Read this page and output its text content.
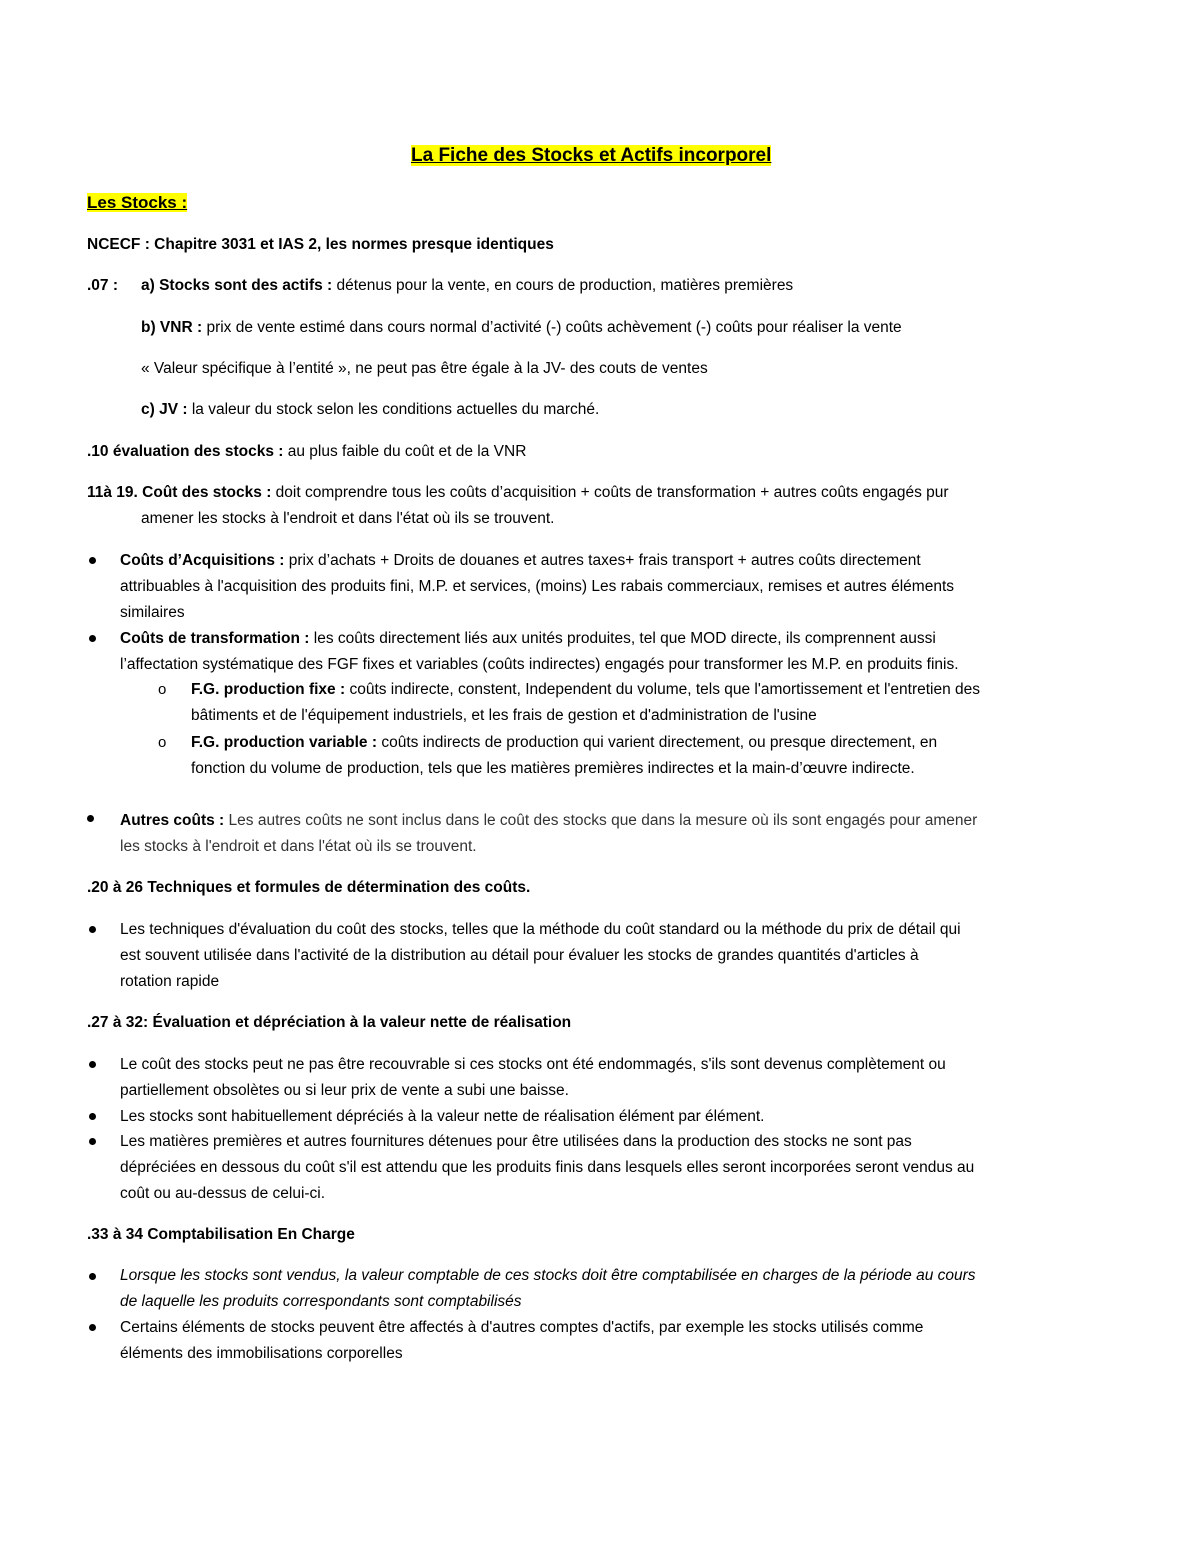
La Fiche des Stocks et Actifs incorporel
Les Stocks :
NCECF : Chapitre 3031 et IAS 2, les normes presque identiques
.07 : a) Stocks sont des actifs : détenus pour la vente, en cours de production, matières premières
b) VNR : prix de vente estimé dans cours normal d’activité (-) coûts achèvement (-) coûts pour réaliser la vente
« Valeur spécifique à l’entité », ne peut pas être égale à la JV- des couts de ventes
c) JV : la valeur du stock selon les conditions actuelles du marché.
.10 évaluation des stocks : au plus faible du coût et de la VNR
11à 19. Coût des stocks : doit comprendre tous les coûts d’acquisition + coûts de transformation + autres coûts engagés pur
amener les stocks à l'endroit et dans l'état où ils se trouvent.
Coûts d’Acquisitions : prix d’achats + Droits de douanes et autres taxes+ frais transport + autres coûts directement
attribuables à l'acquisition des produits fini, M.P. et services, (moins) Les rabais commerciaux, remises et autres éléments
similaires
Coûts de transformation : les coûts directement liés aux unités produites, tel que MOD directe, ils comprennent aussi
l’affectation systématique des FGF fixes et variables (coûts indirectes) engagés pour transformer les M.P. en produits finis.
o F.G. production fixe : coûts indirecte, constent, Independent du volume, tels que l'amortissement et l'entretien des
bâtiments et de l'équipement industriels, et les frais de gestion et d'administration de l'usine
o F.G. production variable : coûts indirects de production qui varient directement, ou presque directement, en
fonction du volume de production, tels que les matières premières indirectes et la main-d’œuvre indirecte.
Autres coûts : Les autres coûts ne sont inclus dans le coût des stocks que dans la mesure où ils sont engagés pour amener
les stocks à l'endroit et dans l'état où ils se trouvent.
.20 à 26 Techniques et formules de détermination des coûts.
Les techniques d'évaluation du coût des stocks, telles que la méthode du coût standard ou la méthode du prix de détail qui
est souvent utilisée dans l'activité de la distribution au détail pour évaluer les stocks de grandes quantités d'articles à
rotation rapide
.27 à 32: Évaluation et dépréciation à la valeur nette de réalisation
Le coût des stocks peut ne pas être recouvrable si ces stocks ont été endommagés, s'ils sont devenus complètement ou
partiellement obsolètes ou si leur prix de vente a subi une baisse.
Les stocks sont habituellement dépréciés à la valeur nette de réalisation élément par élément.
Les matières premières et autres fournitures détenues pour être utilisées dans la production des stocks ne sont pas
dépréciées en dessous du coût s'il est attendu que les produits finis dans lesquels elles seront incorporées seront vendus au
coût ou au-dessus de celui-ci.
.33 à 34 Comptabilisation En Charge
Lorsque les stocks sont vendus, la valeur comptable de ces stocks doit être comptabilisée en charges de la période au cours
de laquelle les produits correspondants sont comptabilisés
Certains éléments de stocks peuvent être affectés à d'autres comptes d'actifs, par exemple les stocks utilisés comme
éléments des immobilisations corporelles
